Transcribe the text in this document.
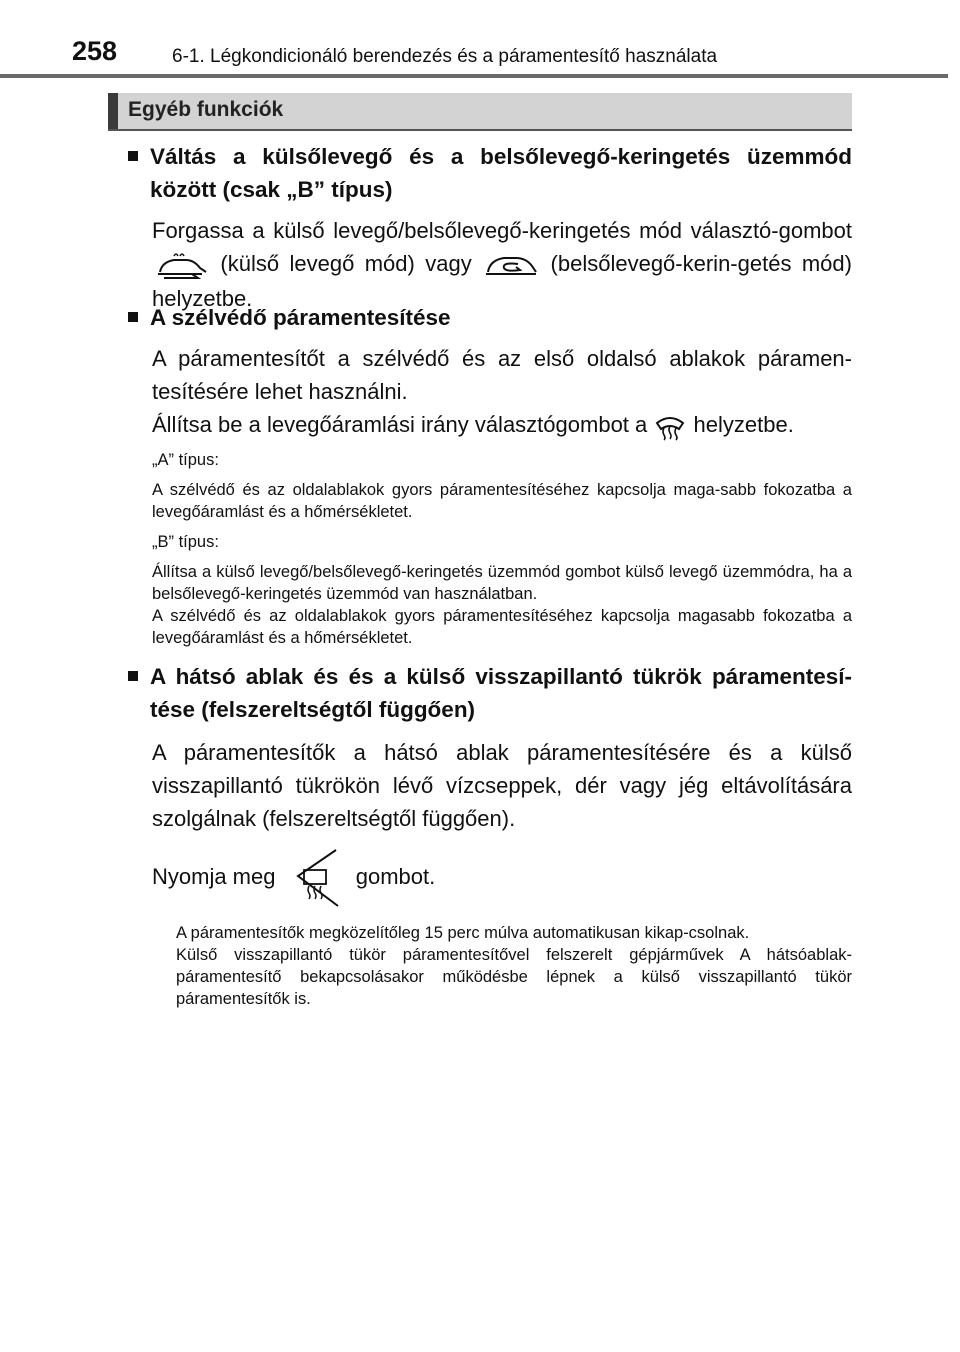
258	6-1. Légkondicionáló berendezés és a páramentesítő használata
Egyéb funkciók
Váltás a külsőlevegő és a belsőlevegő-keringetés üzemmód között (csak „B” típus)
Forgassa a külső levegő/belsőlevegő-keringetés mód választó-gombot  (külső levegő mód) vagy	(belsőlevegő-kerin-getés mód) helyzetbe.
A szélvédő páramentesítése
A páramentesítőt a szélvédő és az első oldalsó ablakok páramen-tesítésére lehet használni.
Állítsa be a levegőáramlási irány választógombot a helyzetbe.
„A” típus:
A szélvédő és az oldalablakok gyors páramentesítéséhez kapcsolja maga-sabb fokozatba a levegőáramlást és a hőmérsékletet.
„B” típus:
Állítsa a külső levegő/belsőlevegő-keringetés üzemmód gombot külső levegő üzemmódra, ha a belsőlevegő-keringetés üzemmód van használatban.
A szélvédő és az oldalablakok gyors páramentesítéséhez kapcsolja magasabb fokozatba a levegőáramlást és a hőmérsékletet.
A hátsó ablak és és a külső visszapillantó tükrök páramentesí-tése (felszereltségtől függően)
A páramentesítők a hátsó ablak páramentesítésére és a külső visszapillantó tükrökön lévő vízcseppek, dér vagy jég eltávolítására szolgálnak (felszereltségtől függően).
Nyomja meg	gombot.
A páramentesítők megközelítőleg 15 perc múlva automatikusan kikap-csolnak.
Külső visszapillantó tükör páramentesítővel felszerelt gépjárművek A hátsóablak-páramentesítő bekapcsolásakor működésbe lépnek a külső visszapillantó tükör páramentesítők is.
